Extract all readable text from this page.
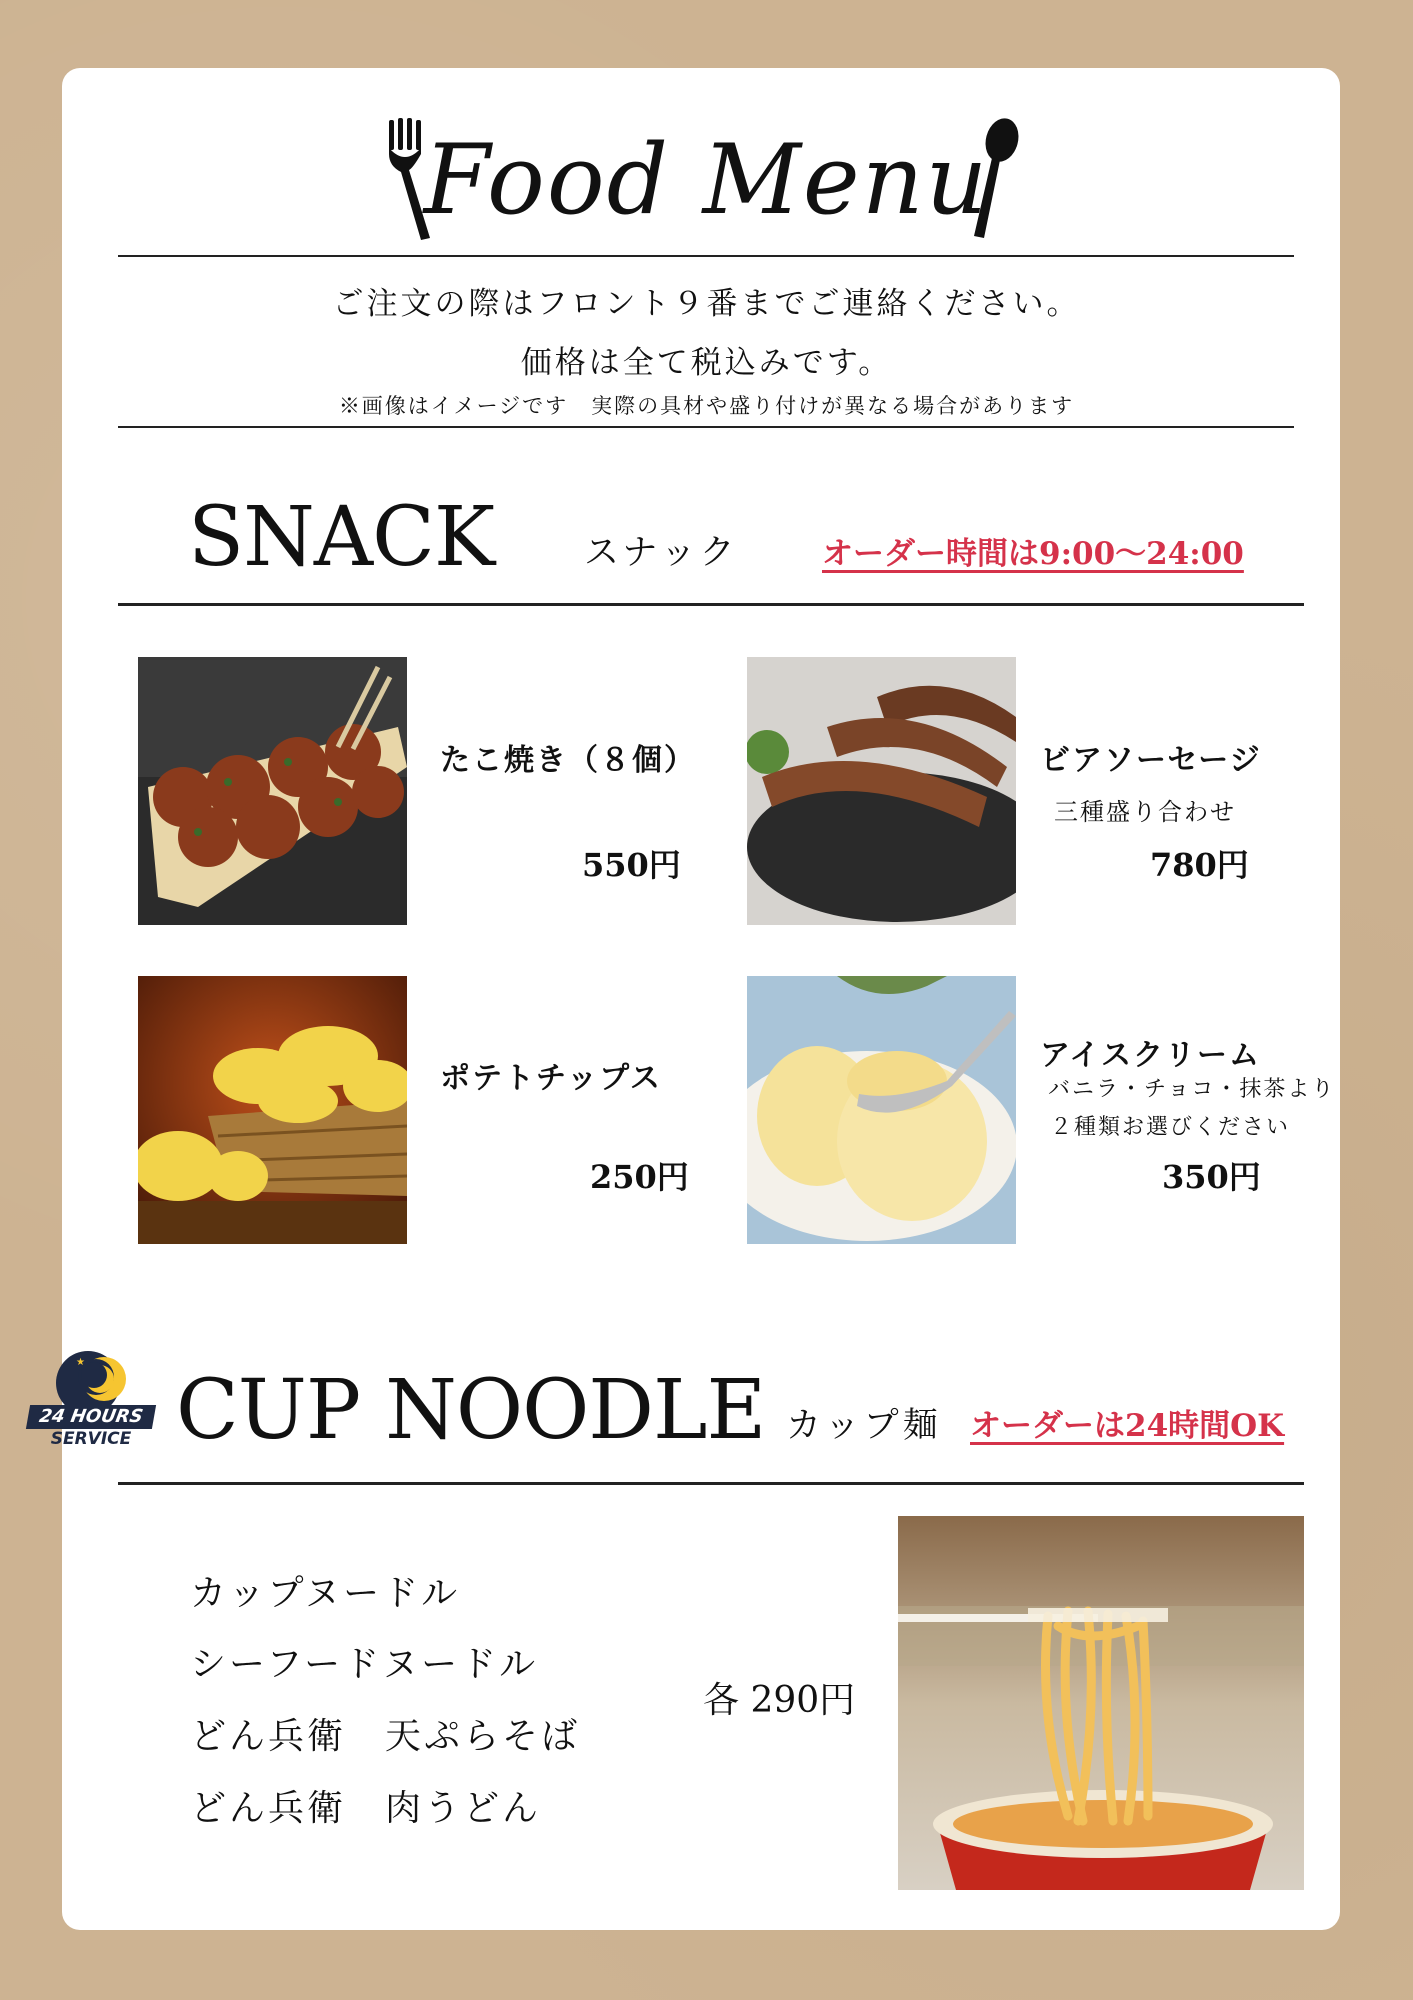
Food Menu
ご注文の際はフロント９番までご連絡ください。
価格は全て税込みです。
※画像はイメージです　実際の具材や盛り付けが異なる場合があります
SNACK	スナック	オーダー時間は9:00～24:00
たこ焼き（８個）
550円
ビアソーセージ
三種盛り合わせ
780円
ポテトチップス
250円
アイスクリーム
バニラ・チョコ・抹茶より
２種類お選びください
350円
★
24 HOURS
SERVICE CUP NOODLE カップ麺 オーダーは24時間OK
カップヌードル
シーフードヌードル
どん兵衛　天ぷらそば
どん兵衛　肉うどん
各 290円
